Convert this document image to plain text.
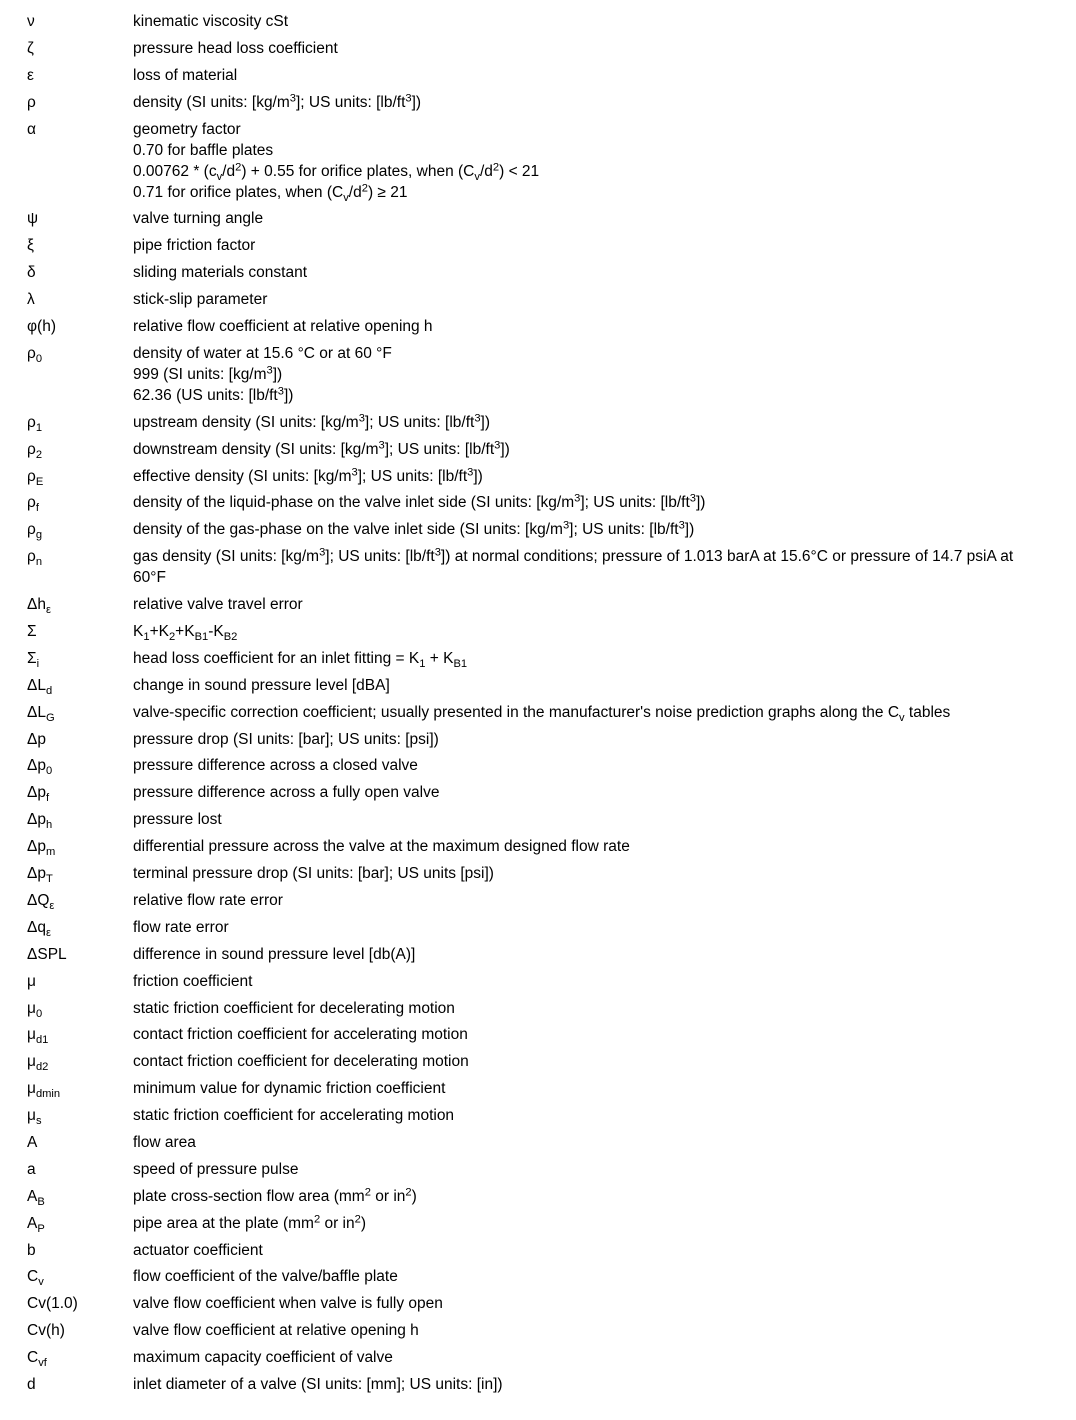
ν	kinematic viscosity cSt
ζ	pressure head loss coefficient
ε	loss of material
ρ	density (SI units: $[kg/m^3]$; US units: $[lb/ft^3]$)
α	geometry factor
0.70 for baffle plates
$0.00762 * (c_v/d^2) + 0.55$ for orifice plates, when $(C_v/d^2) < 21$
0.71 for orifice plates, when $(C_v/d^2) \ge 21$
ψ	valve turning angle
ξ	pipe friction factor
δ	sliding materials constant
λ	stick-slip parameter
φ(h)	relative flow coefficient at relative opening h
$\rho_0$	density of water at 15.6 °C or at 60 °F
999 (SI units: $[kg/m^3]$)
62.36 (US units: $[lb/ft^3]$)
$\rho_1$	upstream density (SI units: $[kg/m^3]$; US units: $[lb/ft^3]$)
$\rho_2$	downstream density (SI units: $[kg/m^3]$; US units: $[lb/ft^3]$)
$\rho_E$	effective density (SI units: $[kg/m^3]$; US units: $[lb/ft^3]$)
$\rho_f$	density of the liquid-phase on the valve inlet side (SI units: $[kg/m^3]$; US units: $[lb/ft^3]$)
$\rho_g$	density of the gas-phase on the valve inlet side (SI units: $[kg/m^3]$; US units: $[lb/ft^3]$)
$\rho_n$	gas density (SI units: $[kg/m^3]$; US units: $[lb/ft^3]$) at normal conditions; pressure of 1.013 barA at 15.6°C or pressure of 14.7 psiA at 60°F
$\Delta h_\varepsilon$	relative valve travel error
Σ	$K_1+K_2+K_{B1}-K_{B2}$
$\Sigma_i$	head loss coefficient for an inlet fitting = $K_1 + K_{B1}$
$\Delta L_d$	change in sound pressure level [dBA]
$\Delta L_G$	valve-specific correction coefficient; usually presented in the manufacturer's noise prediction graphs along the $C_v$ tables
Δp	pressure drop (SI units: [bar]; US units: [psi])
$\Delta p_0$	pressure difference across a closed valve
$\Delta p_f$	pressure difference across a fully open valve
$\Delta p_h$	pressure lost
$\Delta p_m$	differential pressure across the valve at the maximum designed flow rate
$\Delta p_T$	terminal pressure drop (SI units: [bar]; US units [psi])
$\Delta Q_\varepsilon$	relative flow rate error
$\Delta q_\varepsilon$	flow rate error
ΔSPL	difference in sound pressure level [db(A)]
μ	friction coefficient
$\mu_0$	static friction coefficient for decelerating motion
$\mu_{d1}$	contact friction coefficient for accelerating motion
$\mu_{d2}$	contact friction coefficient for decelerating motion
$\mu_{dmin}$	minimum value for dynamic friction coefficient
$\mu_s$	static friction coefficient for accelerating motion
A	flow area
a	speed of pressure pulse
$A_B$	plate cross-section flow area ($mm^2$ or $in^2$)
$A_P$	pipe area at the plate ($mm^2$ or $in^2$)
b	actuator coefficient
$C_v$	flow coefficient of the valve/baffle plate
Cv(1.0)	valve flow coefficient when valve is fully open
Cv(h)	valve flow coefficient at relative opening h
$C_{vf}$	maximum capacity coefficient of valve
d	inlet diameter of a valve (SI units: [mm]; US units: [in])
